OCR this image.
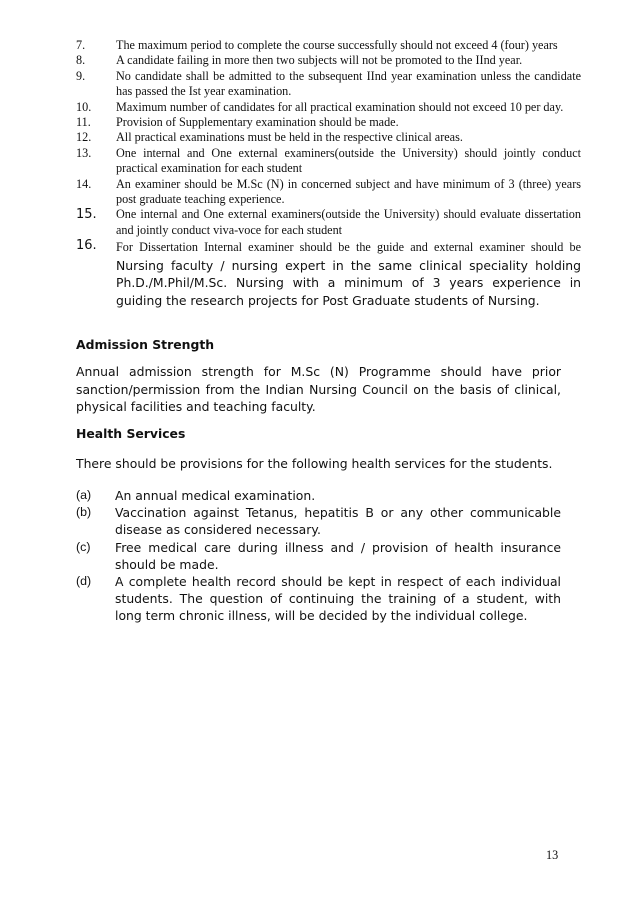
7.	The maximum period to complete the course successfully should not exceed 4 (four) years
8.	A candidate failing in more then two subjects will not be promoted to the IInd year.
9.	No candidate shall be admitted to the subsequent IInd year examination unless the candidate has passed the Ist year examination.
10.	Maximum number of candidates for all practical examination should not exceed 10 per day.
11.	Provision of Supplementary examination should be made.
12.	All practical examinations must be held in the respective clinical areas.
13.	One internal and One external examiners(outside the University) should jointly conduct practical examination for each student
14.	An examiner should be M.Sc (N) in concerned subject and have minimum of 3 (three) years post graduate teaching experience.
15.	One internal and One external examiners(outside the University) should evaluate dissertation and jointly conduct viva-voce for each student
16.	For Dissertation Internal examiner should be the guide and external examiner should be Nursing faculty / nursing expert in the same clinical speciality holding Ph.D./M.Phil/M.Sc. Nursing with a minimum of 3 years experience in guiding the research projects for Post Graduate students of Nursing.
Admission Strength

Annual admission strength for M.Sc (N) Programme should have prior sanction/permission from the Indian Nursing Council on the basis of clinical, physical facilities and teaching faculty.

Health Services

There should be provisions for the following health services for the students.

(a)	An annual medical examination.
(b)	Vaccination against Tetanus, hepatitis B or any other communicable disease as considered necessary.
(c)	Free medical care during illness and / provision of health insurance should be made.
(d)	A complete health record should be kept in respect of each individual students. The question of continuing the training of a student, with long term chronic illness, will be decided by the individual college.
13
